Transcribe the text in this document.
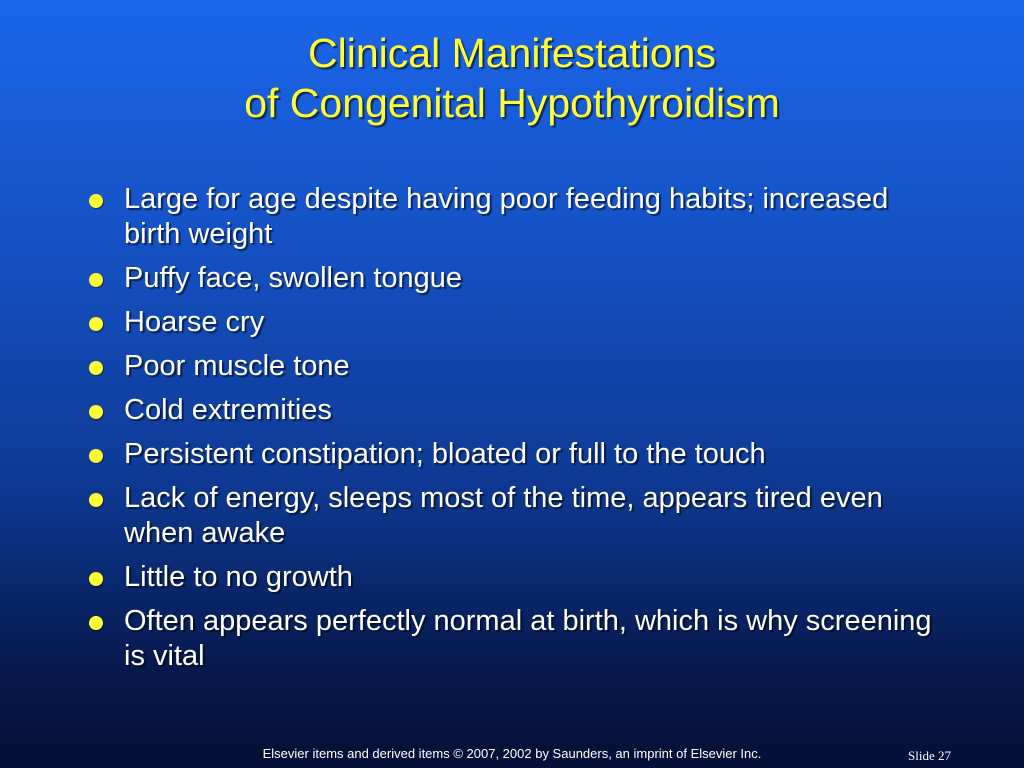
Clinical Manifestations
of Congenital Hypothyroidism
Large for age despite having poor feeding habits; increased birth weight
Puffy face, swollen tongue
Hoarse cry
Poor muscle tone
Cold extremities
Persistent constipation; bloated or full to the touch
Lack of energy, sleeps most of the time, appears tired even when awake
Little to no growth
Often appears perfectly normal at birth, which is why screening is vital
Elsevier items and derived items © 2007, 2002 by Saunders, an imprint of Elsevier Inc.	Slide 27
